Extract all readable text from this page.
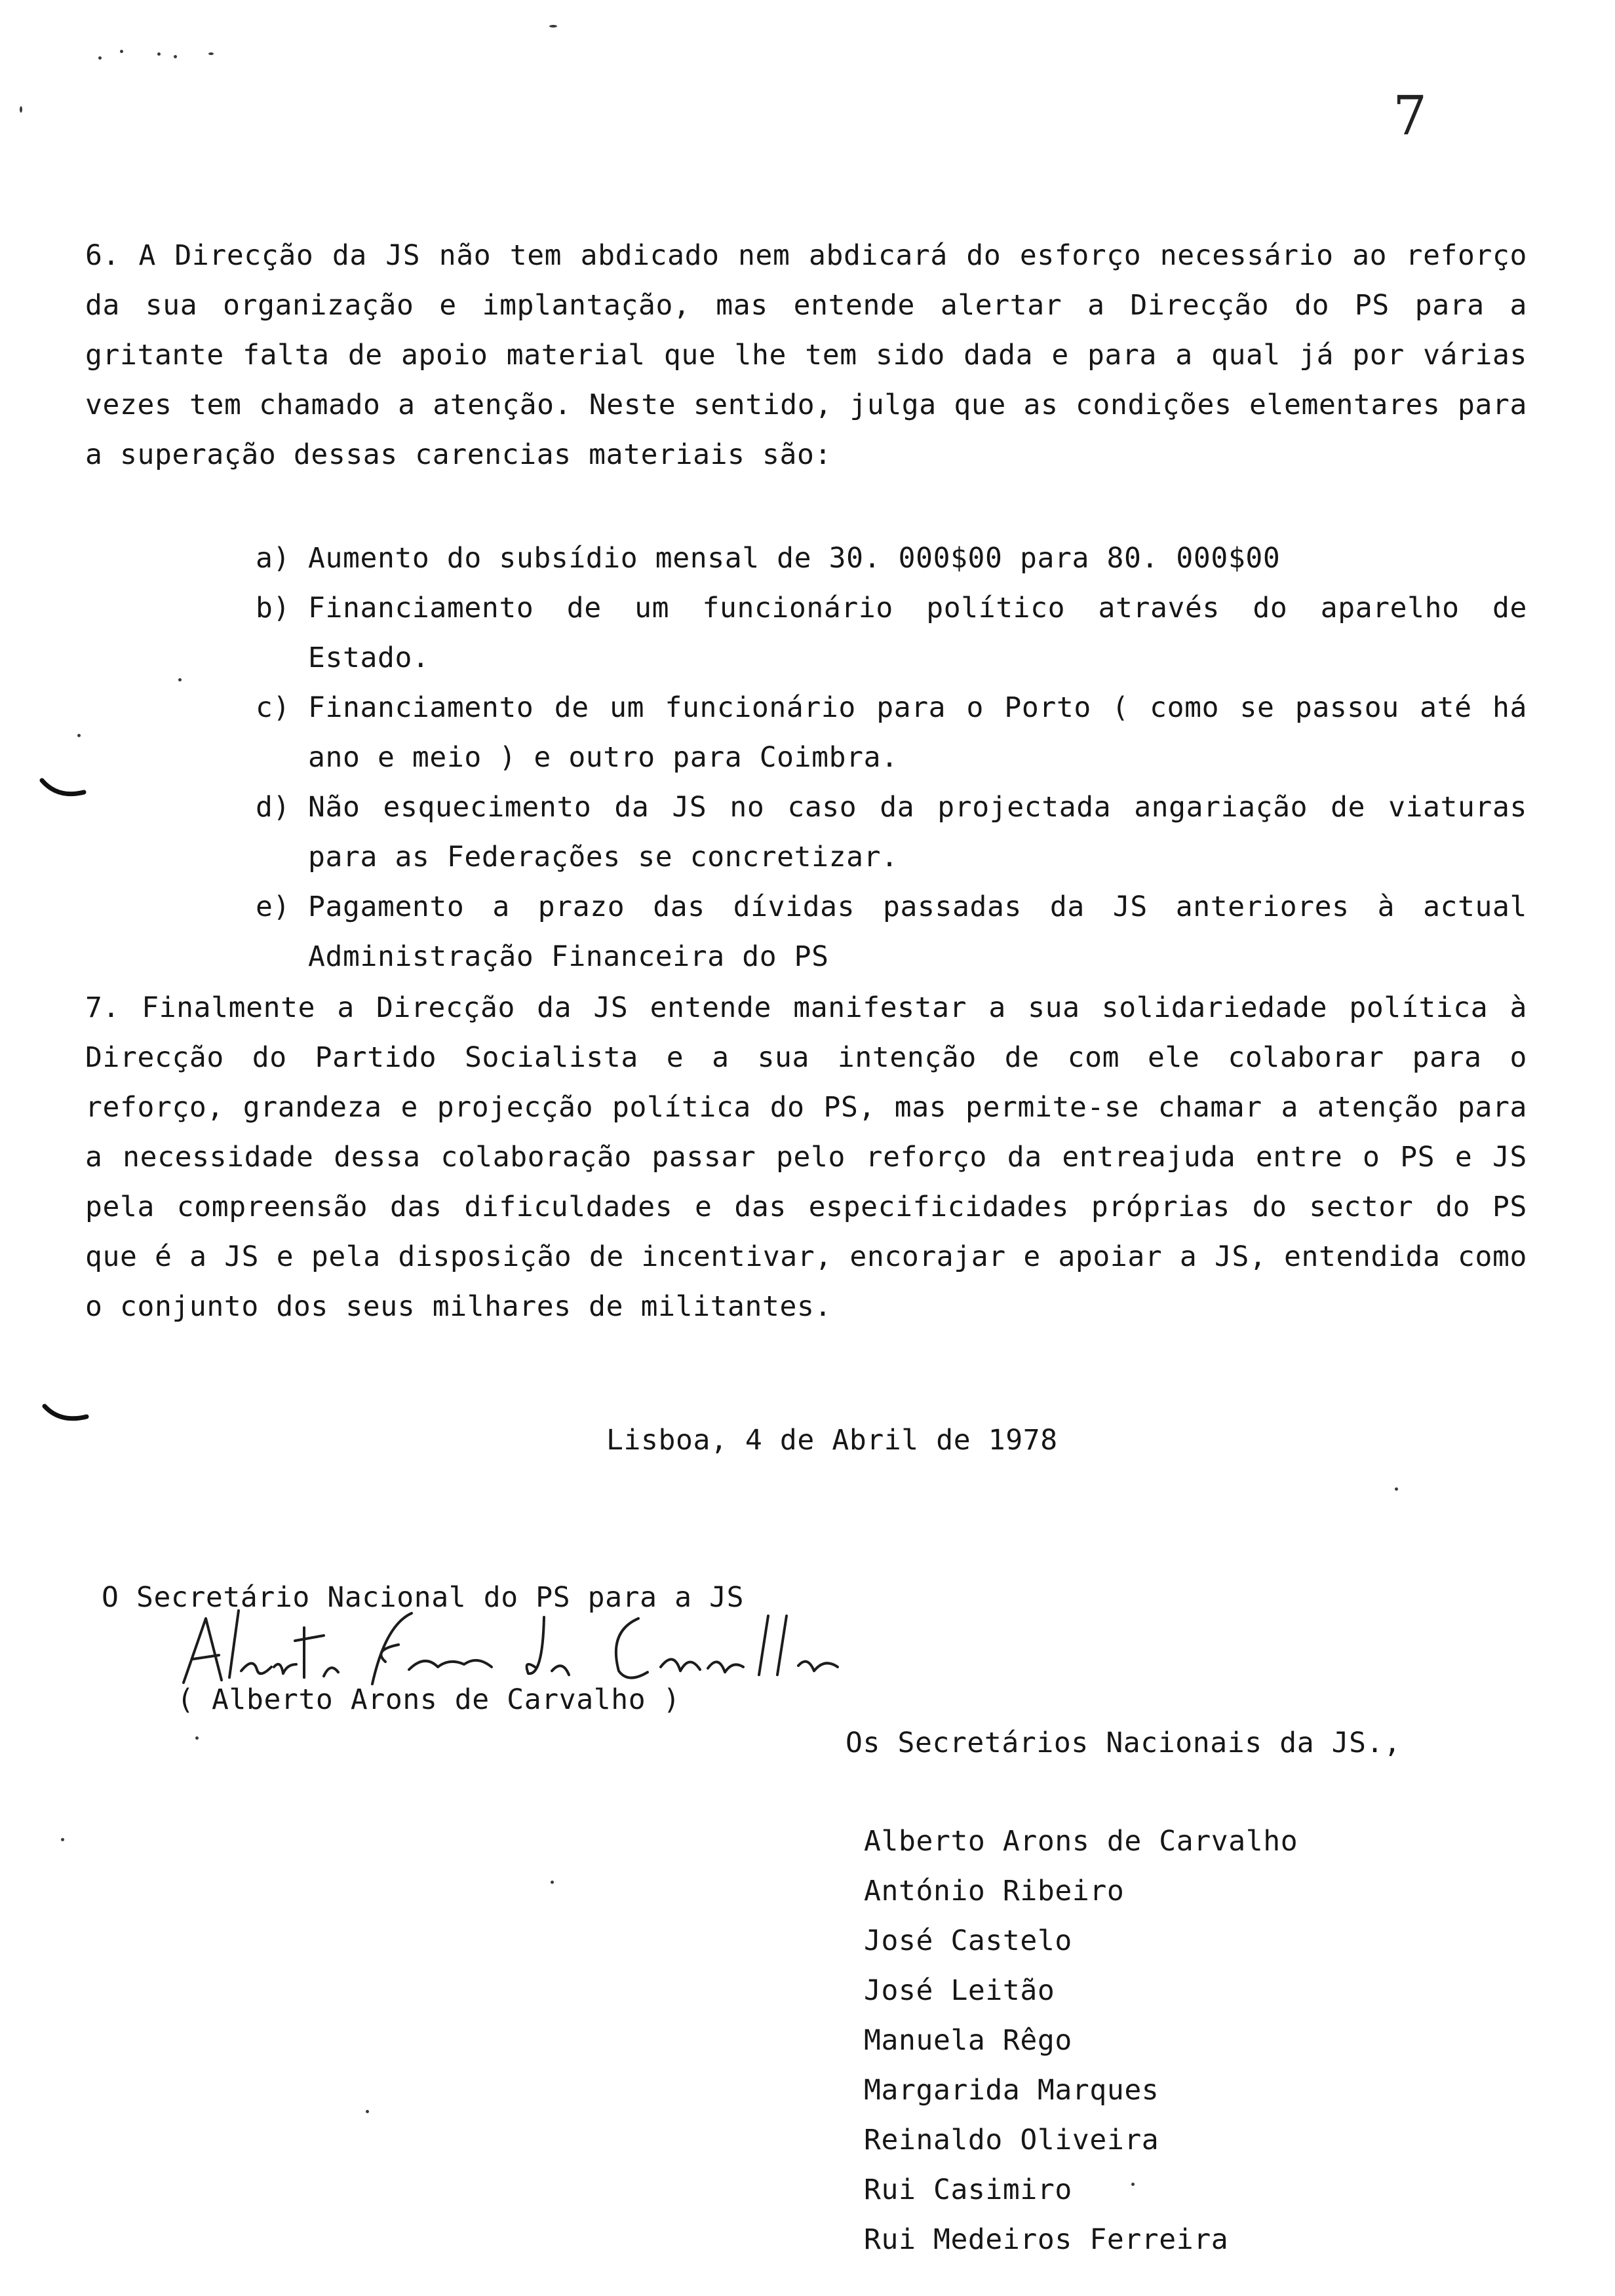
7
6. A Direcção da JS não tem abdicado nem abdicará do esforço necessário ao reforço da sua organização e implantação, mas entende alertar a Direcção do PS para a gritante falta de apoio material que lhe tem sido dada e para a qual já por várias vezes tem chamado a atenção. Neste sentido, julga que as condições elementares para a superação dessas carencias materiais são:
a) Aumento do subsídio mensal de 30. 000$00 para 80. 000$00
b) Financiamento de um funcionário político através do aparelho de Estado.
c) Financiamento de um funcionário para o Porto ( como se passou até há ano e meio ) e outro para Coimbra.
d) Não esquecimento da JS no caso da projectada angariação de viaturas para as Federações se concretizar.
e) Pagamento a prazo das dívidas passadas da JS anteriores à actual Administração Financeira do PS
7. Finalmente a Direcção da JS entende manifestar a sua solidariedade política à Direcção do Partido Socialista e a sua intenção de com ele colaborar para o reforço, grandeza e projecção política do PS, mas permite-se chamar a atenção para a necessidade dessa colaboração passar pelo reforço da entreajuda entre o PS e JS pela compreensão das dificuldades e das especificidades próprias do sector do PS que é a JS e pela disposição de incentivar, encorajar e apoiar a JS, entendida como o conjunto dos seus milhares de militantes.
Lisboa, 4 de Abril de 1978
O Secretário Nacional do PS para a JS
( Alberto Arons de Carvalho )
Os Secretários Nacionais da JS.,
Alberto Arons de Carvalho
António Ribeiro
José Castelo
José Leitão
Manuela Rêgo
Margarida Marques
Reinaldo Oliveira
Rui Casimiro
Rui Medeiros Ferreira
